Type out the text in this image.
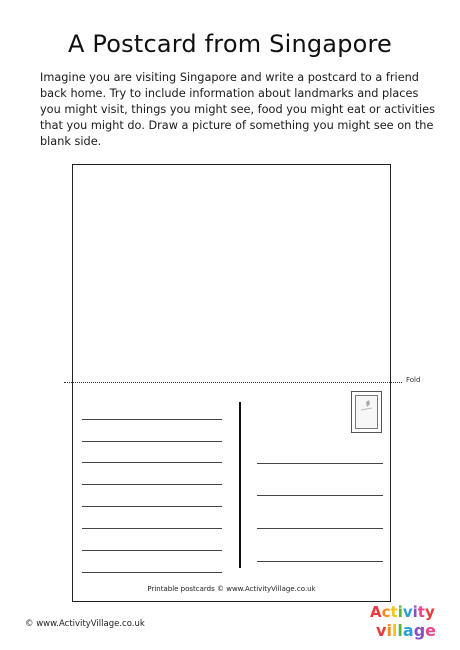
A Postcard from Singapore
Imagine you are visiting Singapore and write a postcard to a friend back home. Try to include information about landmarks and places you might visit, things you might see, food you might eat or activities that you might do. Draw a picture of something you might see on the blank side.
Fold
Printable postcards © www.ActivityVillage.co.uk
© www.ActivityVillage.co.uk
Activity
village
